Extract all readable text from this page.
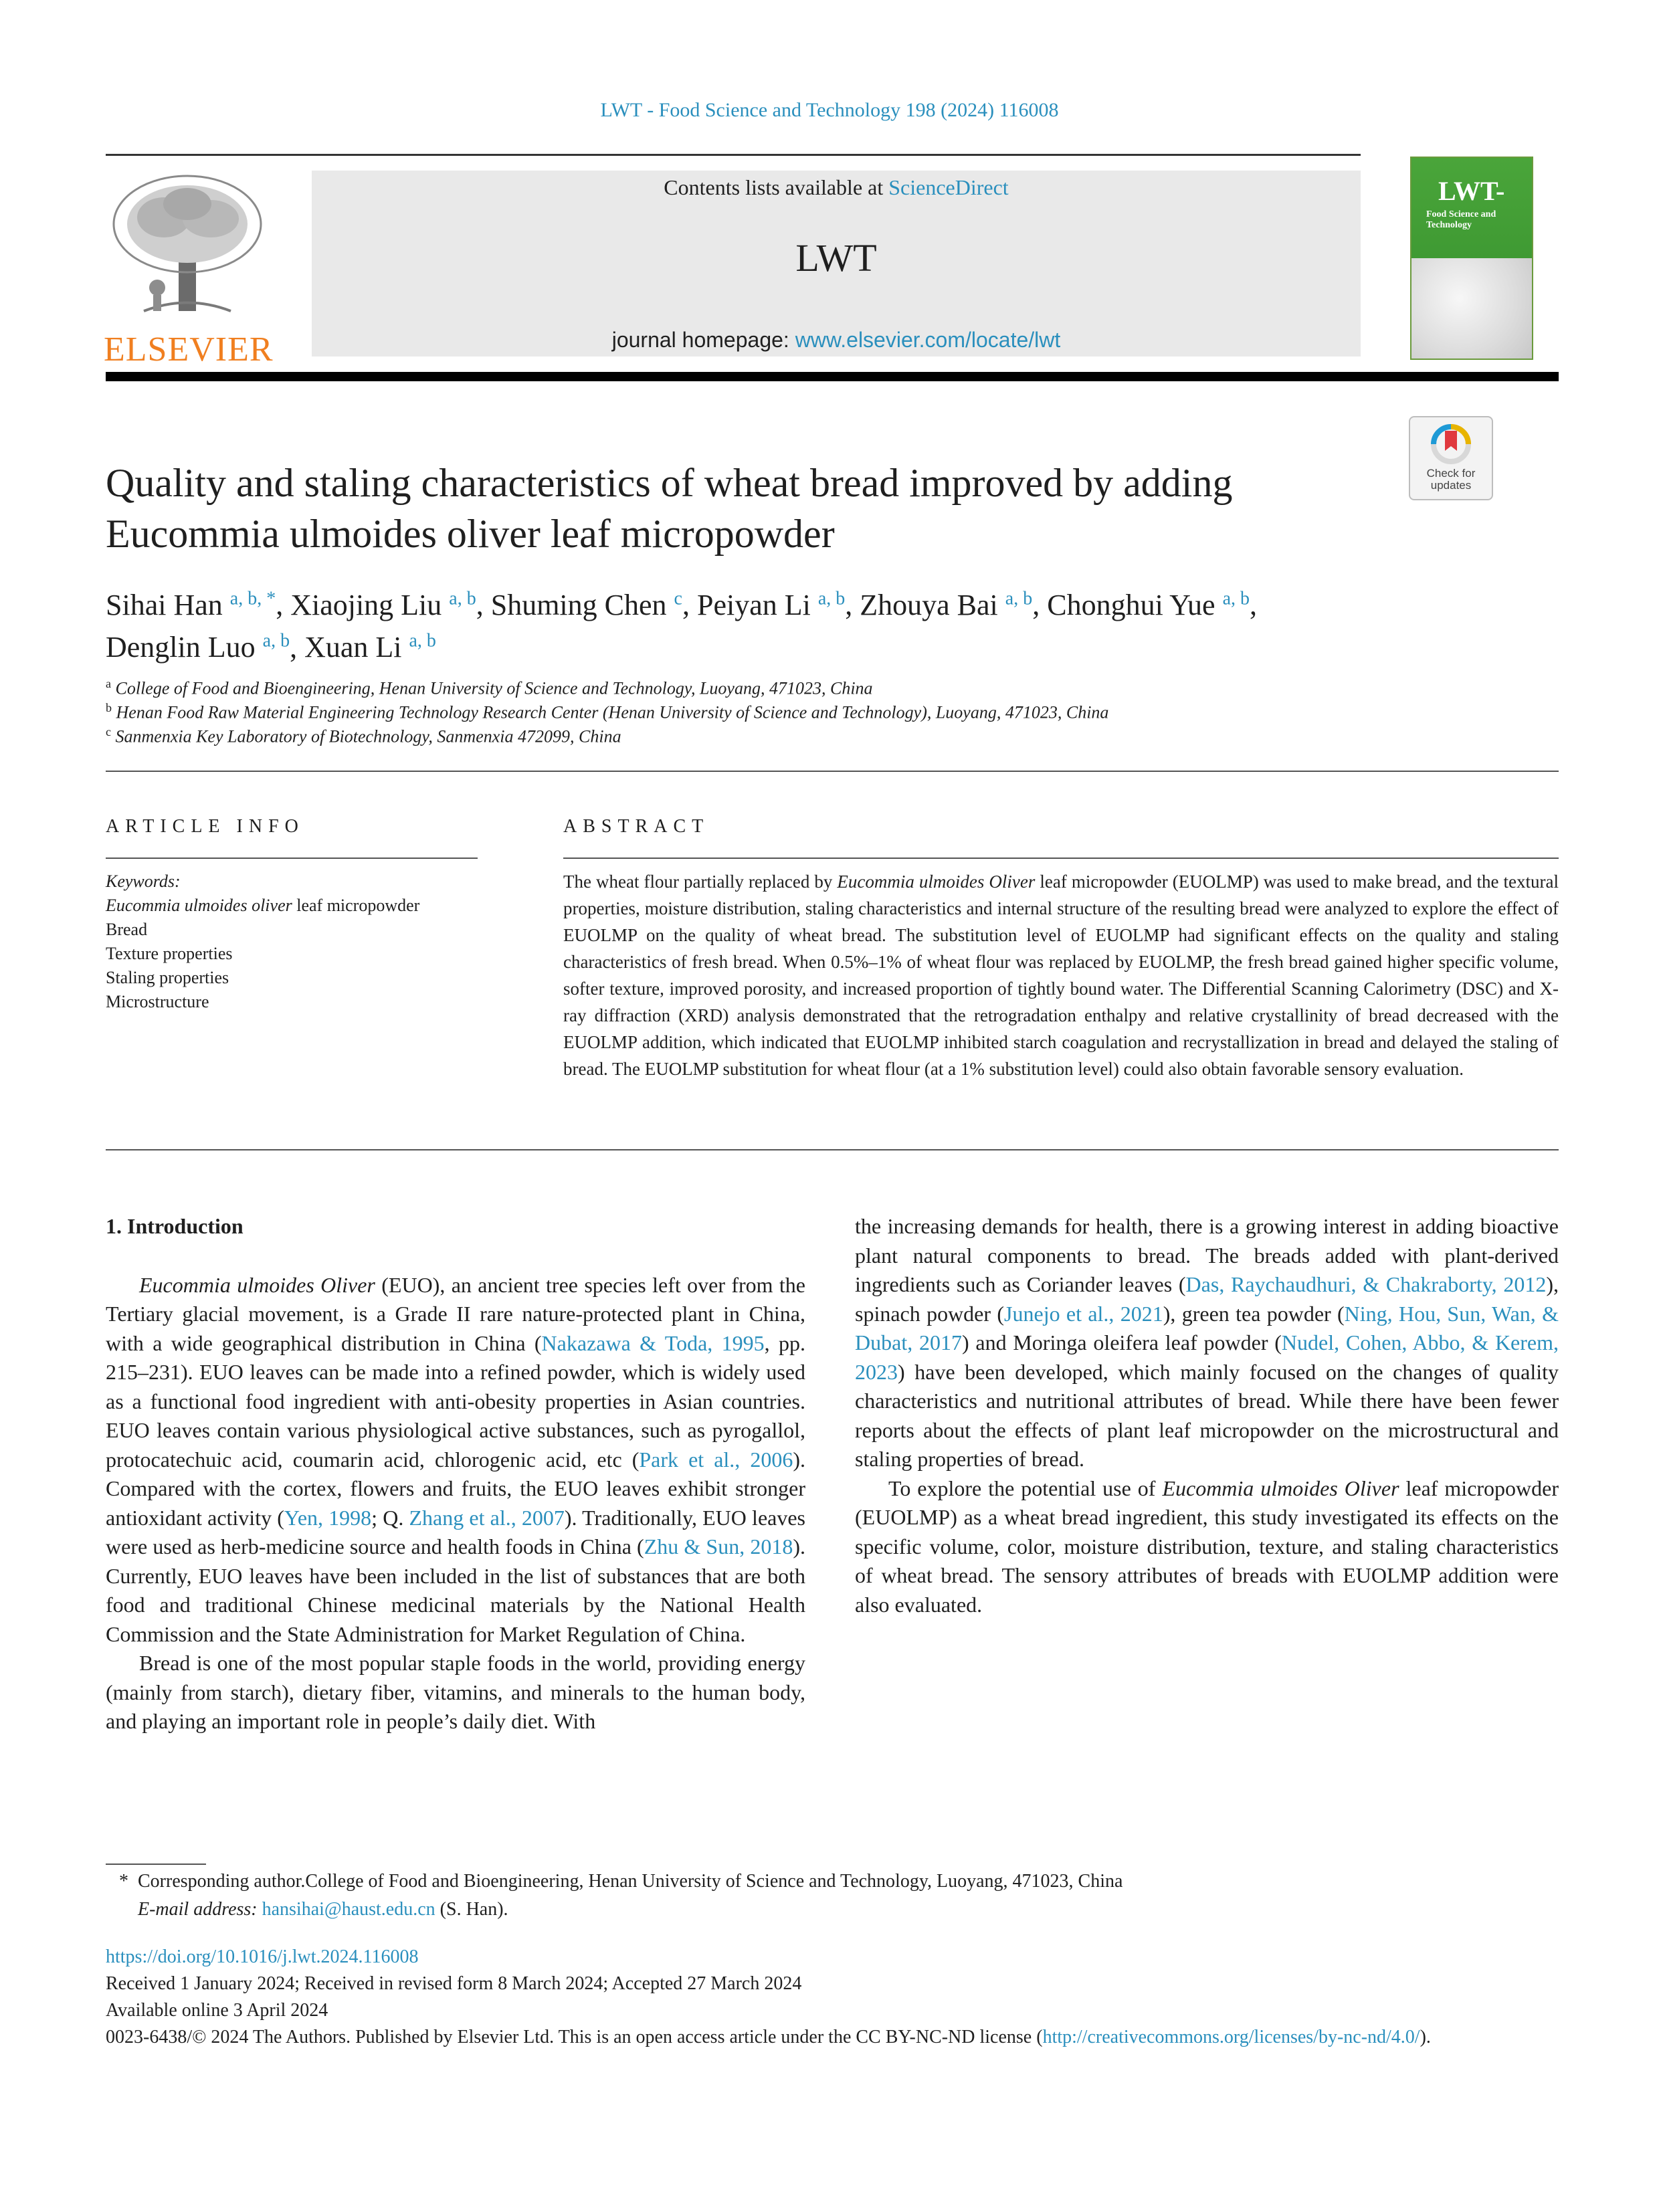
LWT - Food Science and Technology 198 (2024) 116008
ELSEVIER
Contents lists available at ScienceDirect
LWT
journal homepage: www.elsevier.com/locate/lwt
LWT-
Food Science and Technology
Check for updates
Quality and staling characteristics of wheat bread improved by adding
Eucommia ulmoides oliver leaf micropowder
Sihai Han $^{a, b, *}$, Xiaojing Liu $^{a, b}$, Shuming Chen $^c$, Peiyan Li $^{a, b}$, Zhouya Bai $^{a, b}$, Chonghui Yue $^{a, b}$,
Denglin Luo $^{a, b}$, Xuan Li $^{a, b}$
$^a$ College of Food and Bioengineering, Henan University of Science and Technology, Luoyang, 471023, China
$^b$ Henan Food Raw Material Engineering Technology Research Center (Henan University of Science and Technology), Luoyang, 471023, China
$^c$ Sanmenxia Key Laboratory of Biotechnology, Sanmenxia 472099, China
ARTICLE INFO
Keywords:
Eucommia ulmoides oliver leaf micropowder
Bread
Texture properties
Staling properties
Microstructure
ABSTRACT
The wheat flour partially replaced by Eucommia ulmoides Oliver leaf micropowder (EUOLMP) was used to make bread, and the textural properties, moisture distribution, staling characteristics and internal structure of the resulting bread were analyzed to explore the effect of EUOLMP on the quality of wheat bread. The substitution level of EUOLMP had significant effects on the quality and staling characteristics of fresh bread. When 0.5%–1% of wheat flour was replaced by EUOLMP, the fresh bread gained higher specific volume, softer texture, improved porosity, and increased proportion of tightly bound water. The Differential Scanning Calorimetry (DSC) and X-ray diffraction (XRD) analysis demonstrated that the retrogradation enthalpy and relative crystallinity of bread decreased with the EUOLMP addition, which indicated that EUOLMP inhibited starch coagulation and recrystallization in bread and delayed the staling of bread. The EUOLMP substitution for wheat flour (at a 1% substitution level) could also obtain favorable sensory evaluation.
1. Introduction

Eucommia ulmoides Oliver (EUO), an ancient tree species left over from the Tertiary glacial movement, is a Grade II rare nature-protected plant in China, with a wide geographical distribution in China (Nakazawa & Toda, 1995, pp. 215–231). EUO leaves can be made into a refined powder, which is widely used as a functional food ingredient with anti-obesity properties in Asian countries. EUO leaves contain various physiological active substances, such as pyrogallol, protocatechuic acid, coumarin acid, chlorogenic acid, etc (Park et al., 2006). Compared with the cortex, flowers and fruits, the EUO leaves exhibit stronger antioxidant activity (Yen, 1998; Q. Zhang et al., 2007). Traditionally, EUO leaves were used as herb-medicine source and health foods in China (Zhu & Sun, 2018). Currently, EUO leaves have been included in the list of substances that are both food and traditional Chinese medicinal materials by the National Health Commission and the State Administration for Market Regulation of China.

Bread is one of the most popular staple foods in the world, providing energy (mainly from starch), dietary fiber, vitamins, and minerals to the human body, and playing an important role in people’s daily diet. With

the increasing demands for health, there is a growing interest in adding bioactive plant natural components to bread. The breads added with plant-derived ingredients such as Coriander leaves (Das, Raychaudhuri, & Chakraborty, 2012), spinach powder (Junejo et al., 2021), green tea powder (Ning, Hou, Sun, Wan, & Dubat, 2017) and Moringa oleifera leaf powder (Nudel, Cohen, Abbo, & Kerem, 2023) have been developed, which mainly focused on the changes of quality characteristics and nutritional attributes of bread. While there have been fewer reports about the effects of plant leaf micropowder on the microstructural and staling properties of bread.

To explore the potential use of Eucommia ulmoides Oliver leaf micropowder (EUOLMP) as a wheat bread ingredient, this study investigated its effects on the specific volume, color, moisture distribution, texture, and staling characteristics of wheat bread. The sensory attributes of breads with EUOLMP addition were also evaluated.

* Corresponding author.College of Food and Bioengineering, Henan University of Science and Technology, Luoyang, 471023, China
E-mail address: hansihai@haust.edu.cn (S. Han).
https://doi.org/10.1016/j.lwt.2024.116008
Received 1 January 2024; Received in revised form 8 March 2024; Accepted 27 March 2024
Available online 3 April 2024
0023-6438/© 2024 The Authors. Published by Elsevier Ltd. This is an open access article under the CC BY-NC-ND license (http://creativecommons.org/licenses/by-nc-nd/4.0/).
